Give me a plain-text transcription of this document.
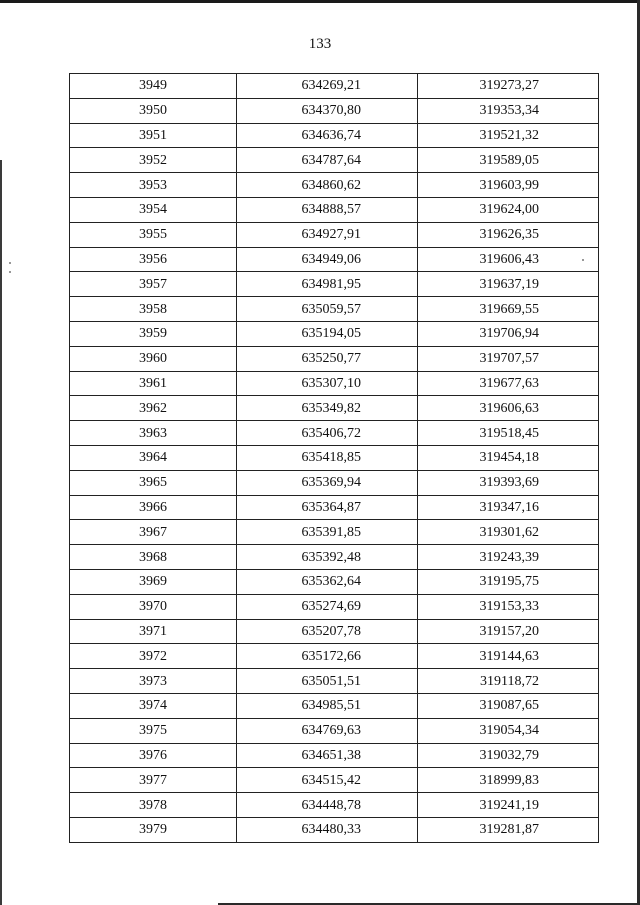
133
3949	634269,21	319273,27
3950	634370,80	319353,34
3951	634636,74	319521,32
3952	634787,64	319589,05
3953	634860,62	319603,99
3954	634888,57	319624,00
3955	634927,91	319626,35
3956	634949,06	319606,43
3957	634981,95	319637,19
3958	635059,57	319669,55
3959	635194,05	319706,94
3960	635250,77	319707,57
3961	635307,10	319677,63
3962	635349,82	319606,63
3963	635406,72	319518,45
3964	635418,85	319454,18
3965	635369,94	319393,69
3966	635364,87	319347,16
3967	635391,85	319301,62
3968	635392,48	319243,39
3969	635362,64	319195,75
3970	635274,69	319153,33
3971	635207,78	319157,20
3972	635172,66	319144,63
3973	635051,51	319118,72
3974	634985,51	319087,65
3975	634769,63	319054,34
3976	634651,38	319032,79
3977	634515,42	318999,83
3978	634448,78	319241,19
3979	634480,33	319281,87
